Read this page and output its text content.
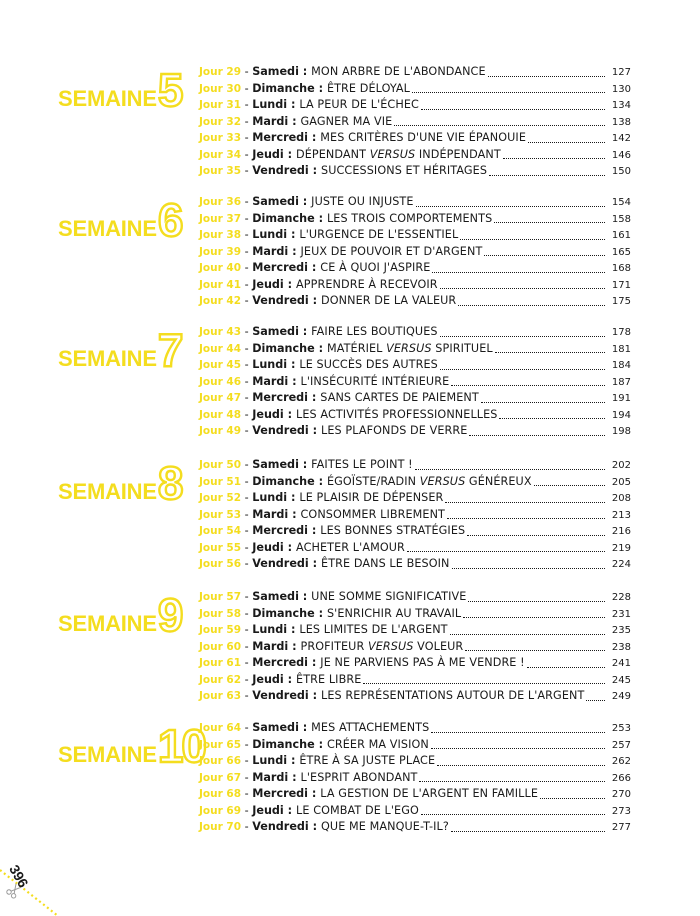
SEMAINE5 Jour 29 - Samedi : MON ARBRE DE L'ABONDANCE	127
Jour 30 - Dimanche : ÊTRE DÉLOYAL	130
Jour 31 - Lundi : LA PEUR DE L'ÉCHEC	134
Jour 32 - Mardi : GAGNER MA VIE	138
Jour 33 - Mercredi : MES CRITÈRES D'UNE VIE ÉPANOUIE	142
Jour 34 - Jeudi : DÉPENDANT VERSUS INDÉPENDANT	146
Jour 35 - Vendredi : SUCCESSIONS ET HÉRITAGES	150
SEMAINE6 Jour 36 - Samedi : JUSTE OU INJUSTE	154
Jour 37 - Dimanche : LES TROIS COMPORTEMENTS	158
Jour 38 - Lundi : L'URGENCE DE L'ESSENTIEL	161
Jour 39 - Mardi : JEUX DE POUVOIR ET D'ARGENT	165
Jour 40 - Mercredi : CE À QUOI J'ASPIRE	168
Jour 41 - Jeudi : APPRENDRE À RECEVOIR	171
Jour 42 - Vendredi : DONNER DE LA VALEUR	175
SEMAINE7 Jour 43 - Samedi : FAIRE LES BOUTIQUES	178
Jour 44 - Dimanche : MATÉRIEL VERSUS SPIRITUEL	181
Jour 45 - Lundi : LE SUCCÈS DES AUTRES	184
Jour 46 - Mardi : L'INSÉCURITÉ INTÉRIEURE	187
Jour 47 - Mercredi : SANS CARTES DE PAIEMENT	191
Jour 48 - Jeudi : LES ACTIVITÉS PROFESSIONNELLES	194
Jour 49 - Vendredi : LES PLAFONDS DE VERRE	198
SEMAINE8 Jour 50 - Samedi : FAITES LE POINT !	202
Jour 51 - Dimanche : ÉGOÏSTE/RADIN VERSUS GÉNÉREUX	205
Jour 52 - Lundi : LE PLAISIR DE DÉPENSER	208
Jour 53 - Mardi : CONSOMMER LIBREMENT	213
Jour 54 - Mercredi : LES BONNES STRATÉGIES	216
Jour 55 - Jeudi : ACHETER L'AMOUR	219
Jour 56 - Vendredi : ÊTRE DANS LE BESOIN	224
SEMAINE9 Jour 57 - Samedi : UNE SOMME SIGNIFICATIVE	228
Jour 58 - Dimanche : S'ENRICHIR AU TRAVAIL	231
Jour 59 - Lundi : LES LIMITES DE L'ARGENT	235
Jour 60 - Mardi : PROFITEUR VERSUS VOLEUR	238
Jour 61 - Mercredi : JE NE PARVIENS PAS À ME VENDRE !	241
Jour 62 - Jeudi : ÊTRE LIBRE	245
Jour 63 - Vendredi : LES REPRÉSENTATIONS AUTOUR DE L'ARGENT	249
SEMAINE10
Jour 64 - Samedi : MES ATTACHEMENTS	253
Jour 65 - Dimanche : CRÉER MA VISION	257
Jour 66 - Lundi : ÊTRE À SA JUSTE PLACE	262
Jour 67 - Mardi : L'ESPRIT ABONDANT	266
Jour 68 - Mercredi : LA GESTION DE L'ARGENT EN FAMILLE	270
Jour 69 - Jeudi : LE COMBAT DE L'EGO	273
Jour 70 - Vendredi : QUE ME MANQUE-T-IL?	277
396
